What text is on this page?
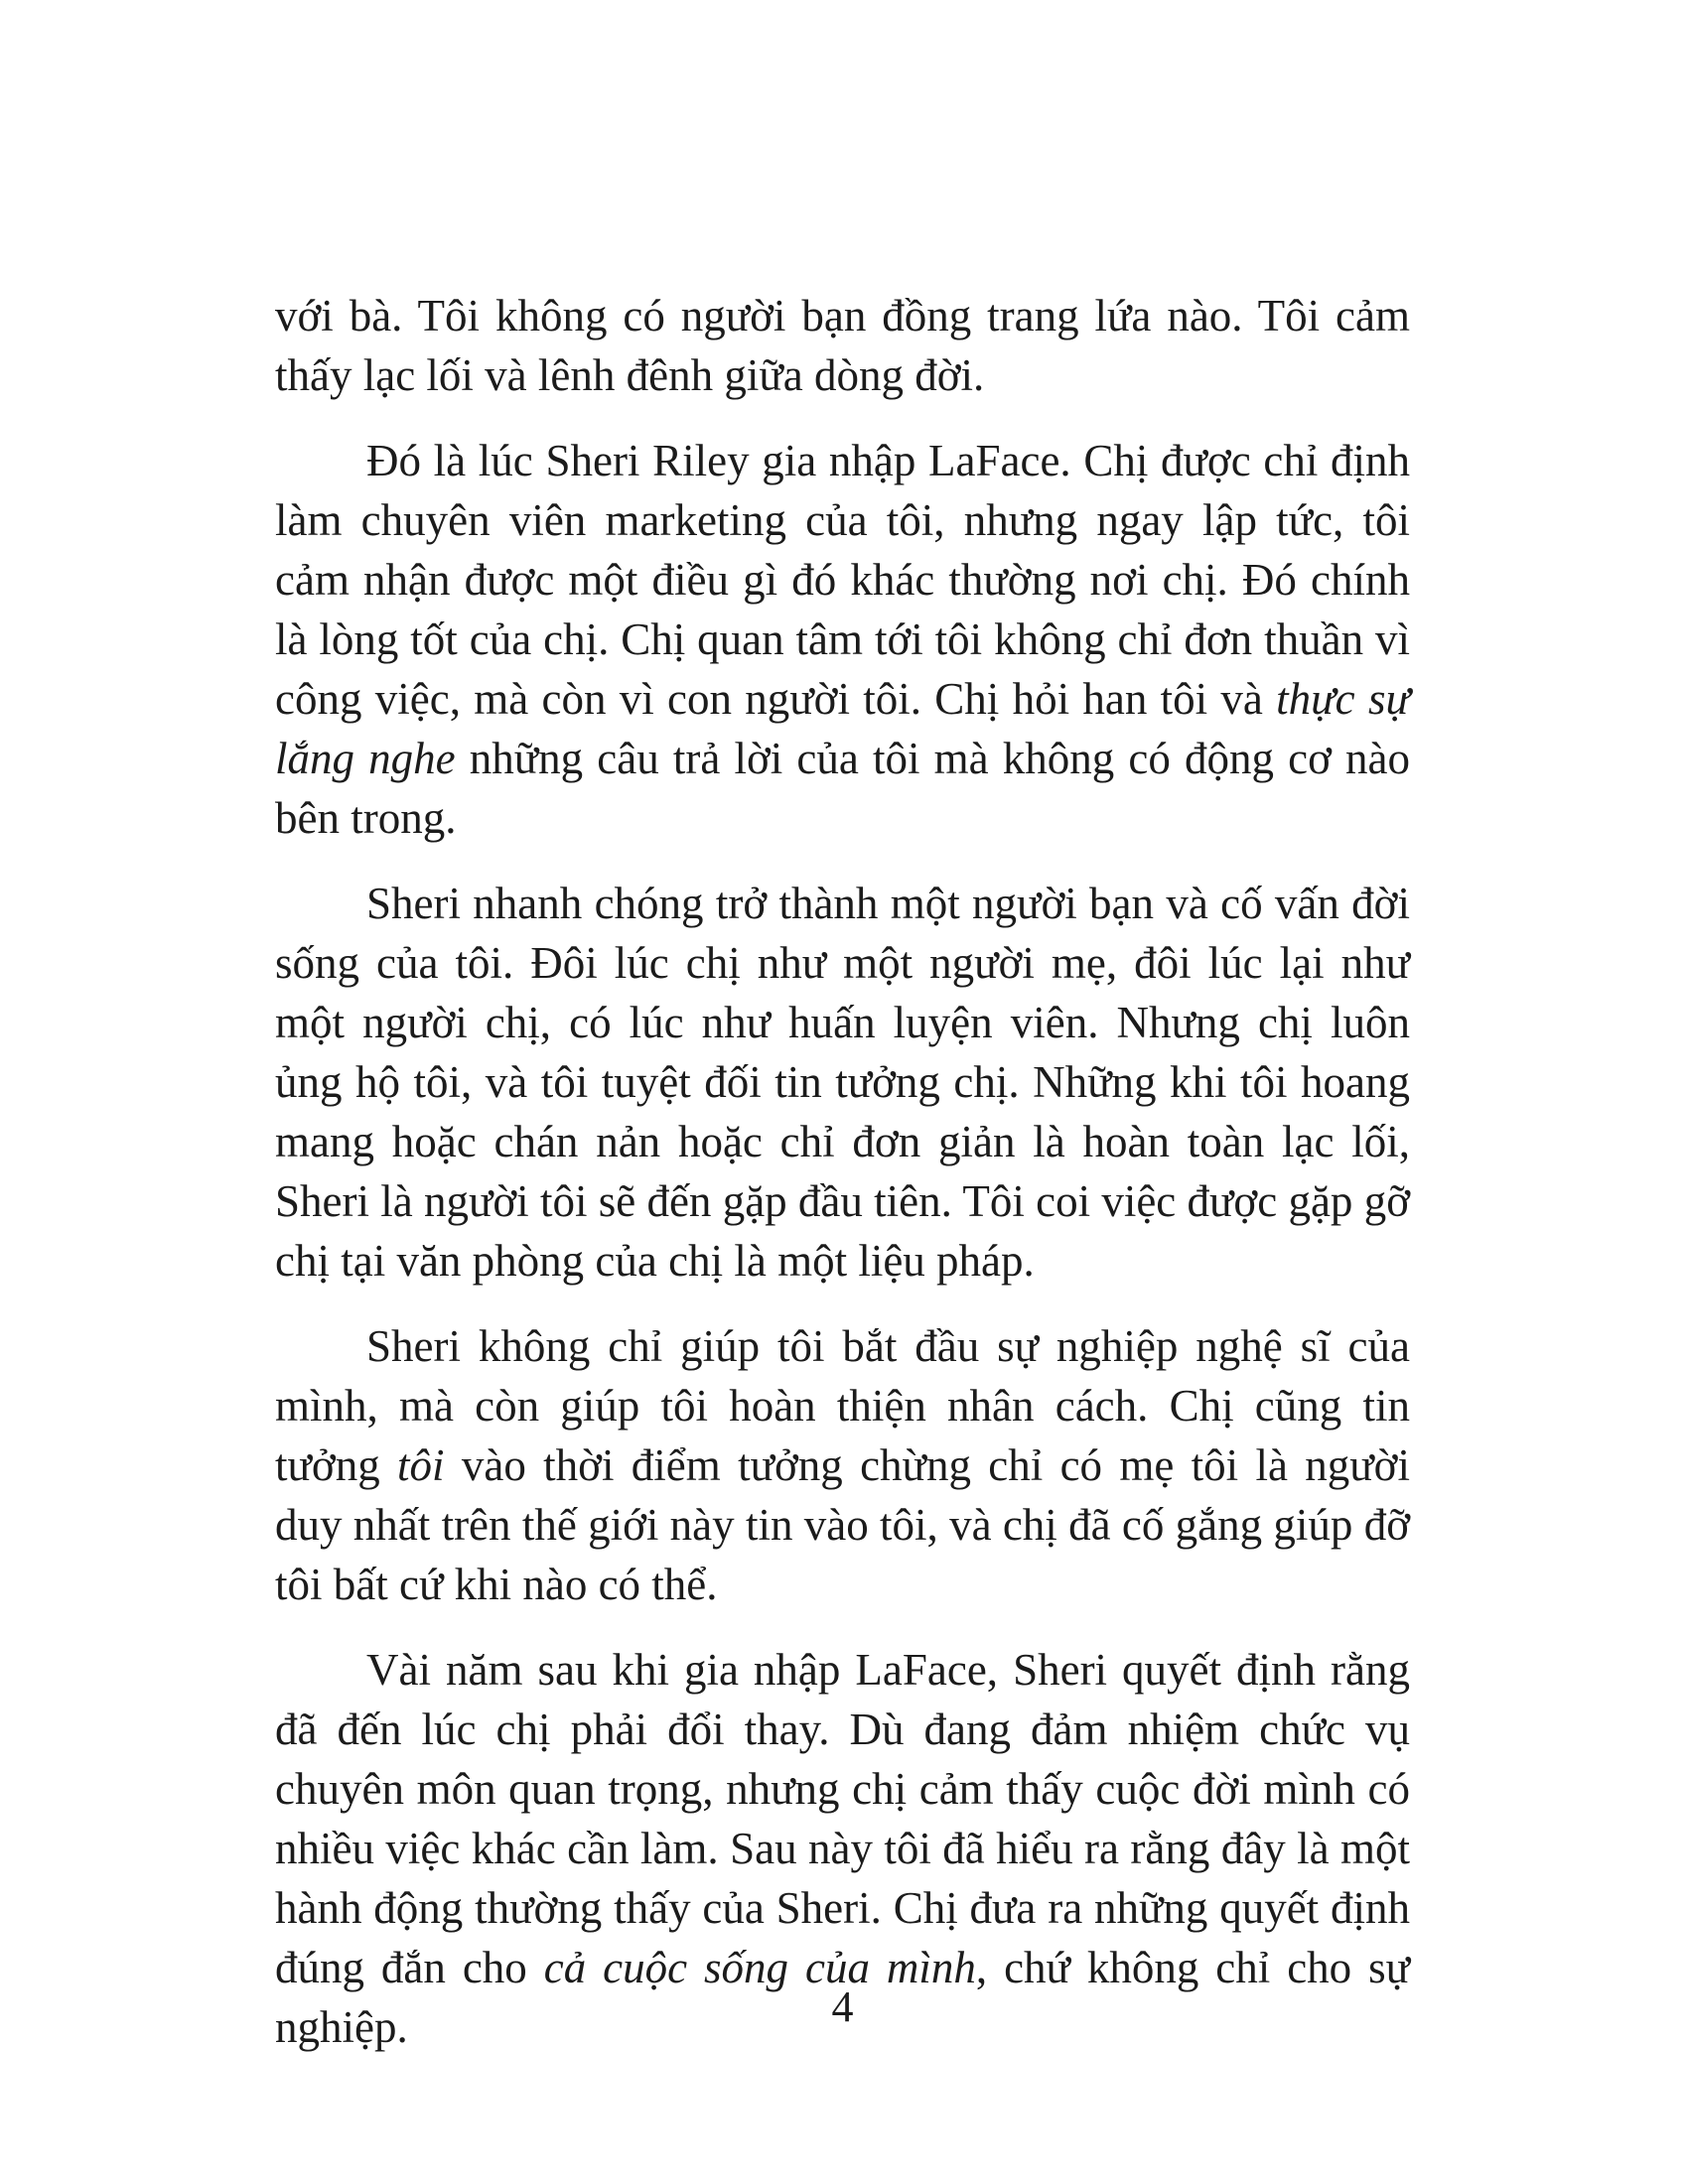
với bà. Tôi không có người bạn đồng trang lứa nào. Tôi cảm thấy lạc lối và lênh đênh giữa dòng đời.

Đó là lúc Sheri Riley gia nhập LaFace. Chị được chỉ định làm chuyên viên marketing của tôi, nhưng ngay lập tức, tôi cảm nhận được một điều gì đó khác thường nơi chị. Đó chính là lòng tốt của chị. Chị quan tâm tới tôi không chỉ đơn thuần vì công việc, mà còn vì con người tôi. Chị hỏi han tôi và thực sự lắng nghe những câu trả lời của tôi mà không có động cơ nào bên trong.

Sheri nhanh chóng trở thành một người bạn và cố vấn đời sống của tôi. Đôi lúc chị như một người mẹ, đôi lúc lại như một người chị, có lúc như huấn luyện viên. Nhưng chị luôn ủng hộ tôi, và tôi tuyệt đối tin tưởng chị. Những khi tôi hoang mang hoặc chán nản hoặc chỉ đơn giản là hoàn toàn lạc lối, Sheri là người tôi sẽ đến gặp đầu tiên. Tôi coi việc được gặp gỡ chị tại văn phòng của chị là một liệu pháp.

Sheri không chỉ giúp tôi bắt đầu sự nghiệp nghệ sĩ của mình, mà còn giúp tôi hoàn thiện nhân cách. Chị cũng tin tưởng tôi vào thời điểm tưởng chừng chỉ có mẹ tôi là người duy nhất trên thế giới này tin vào tôi, và chị đã cố gắng giúp đỡ tôi bất cứ khi nào có thể.

Vài năm sau khi gia nhập LaFace, Sheri quyết định rằng đã đến lúc chị phải đổi thay. Dù đang đảm nhiệm chức vụ chuyên môn quan trọng, nhưng chị cảm thấy cuộc đời mình có nhiều việc khác cần làm. Sau này tôi đã hiểu ra rằng đây là một hành động thường thấy của Sheri. Chị đưa ra những quyết định đúng đắn cho cả cuộc sống của mình, chứ không chỉ cho sự nghiệp.	4
